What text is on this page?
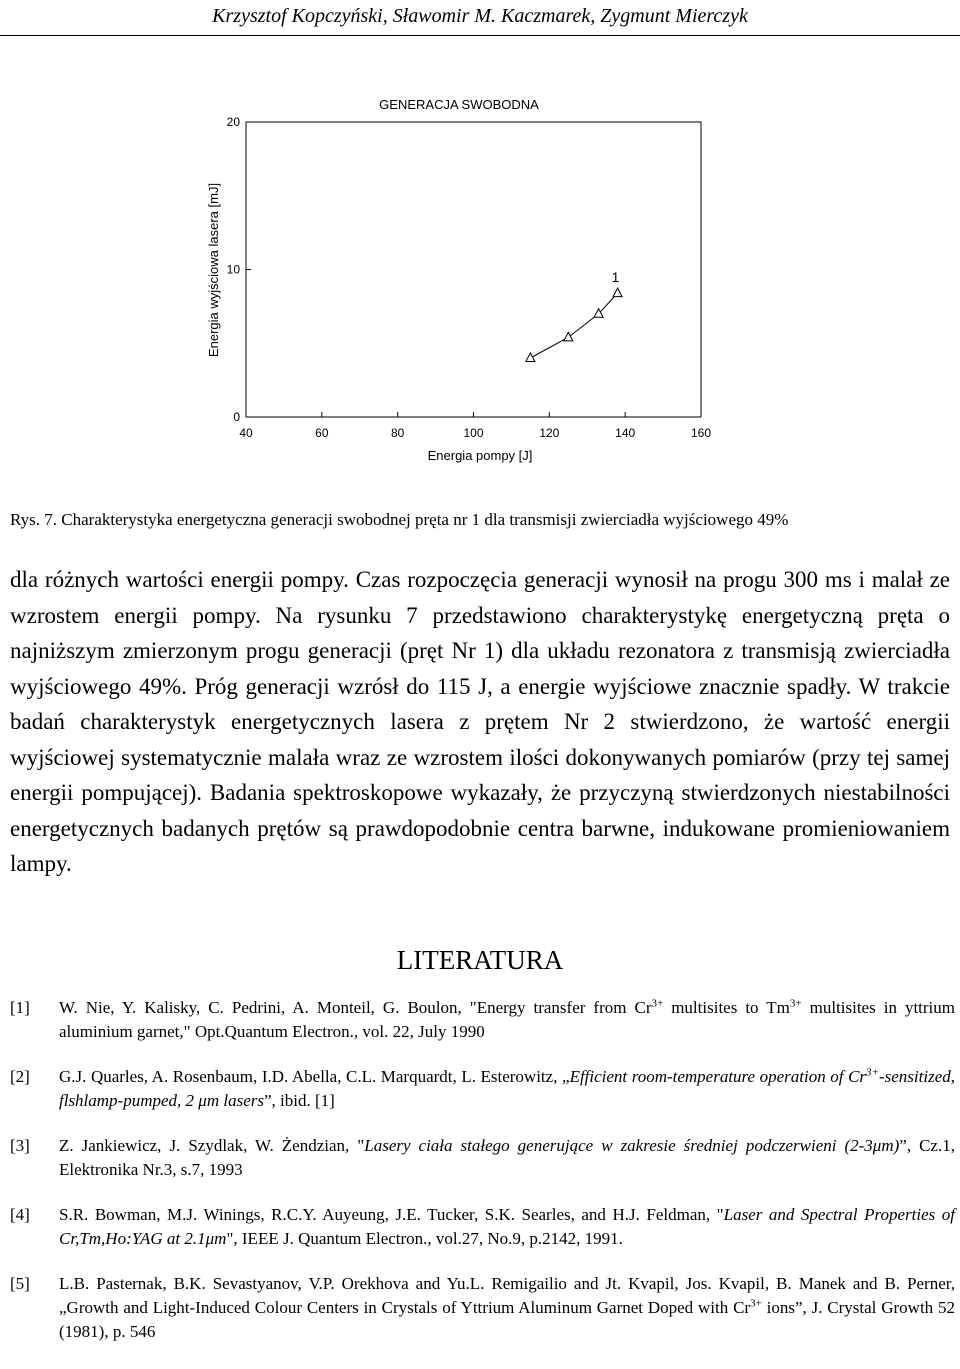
Krzysztof Kopczyński, Sławomir M. Kaczmarek, Zygmunt Mierczyk
40	60	80	100	120	140	160
0
10
20
GENERACJA SWOBODNA
Energia pompy [J]
Energia wyjściowa lasera [mJ]	1
Rys. 7. Charakterystyka energetyczna generacji swobodnej pręta nr 1 dla transmisji zwierciadła wyjściowego 49%

dla różnych wartości energii pompy. Czas rozpoczęcia generacji wynosił na progu 300 ms i malał ze wzrostem energii pompy. Na rysunku 7 przedstawiono charakterystykę energetyczną pręta o najniższym zmierzonym progu generacji (pręt Nr 1) dla układu rezonatora z transmisją zwierciadła wyjściowego 49%. Próg generacji wzrósł do 115 J, a energie wyjściowe znacznie spadły. W trakcie badań charakterystyk energetycznych lasera z prętem Nr 2 stwierdzono, że wartość energii wyjściowej systematycznie malała wraz ze wzrostem ilości dokonywanych pomiarów (przy tej samej energii pompującej). Badania spektroskopowe wykazały, że przyczyną stwierdzonych niestabilności energetycznych badanych prętów są prawdopodobnie centra barwne, indukowane promieniowaniem lampy.

LITERATURA
[1] W. Nie, Y. Kalisky, C. Pedrini, A. Monteil, G. Boulon, "Energy transfer from $Cr^{3+}$ multisites to $Tm^{3+}$ multisites in yttrium aluminium garnet," Opt.Quantum Electron., vol. 22, July 1990
[2] G.J. Quarles, A. Rosenbaum, I.D. Abella, C.L. Marquardt, L. Esterowitz, „Efficient room-temperature operation of $Cr^{3+}$-sensitized, flshlamp-pumped, 2 μm lasers”, ibid. [1]
[3] Z. Jankiewicz, J. Szydlak, W. Żendzian, "Lasery ciała stałego generujące w zakresie średniej podczerwieni (2-3μm)”, Cz.1, Elektronika Nr.3, s.7, 1993
[4] S.R. Bowman, M.J. Winings, R.C.Y. Auyeung, J.E. Tucker, S.K. Searles, and H.J. Feldman, "Laser and Spectral Properties of Cr,Tm,Ho:YAG at 2.1μm", IEEE J. Quantum Electron., vol.27, No.9, p.2142, 1991.
[5] L.B. Pasternak, B.K. Sevastyanov, V.P. Orekhova and Yu.L. Remigailio and Jt. Kvapil, Jos. Kvapil, B. Manek and B. Perner, „Growth and Light-Induced Colour Centers in Crystals of Yttrium Aluminum Garnet Doped with $Cr^{3+}$ ions”, J. Crystal Growth 52 (1981), p. 546
